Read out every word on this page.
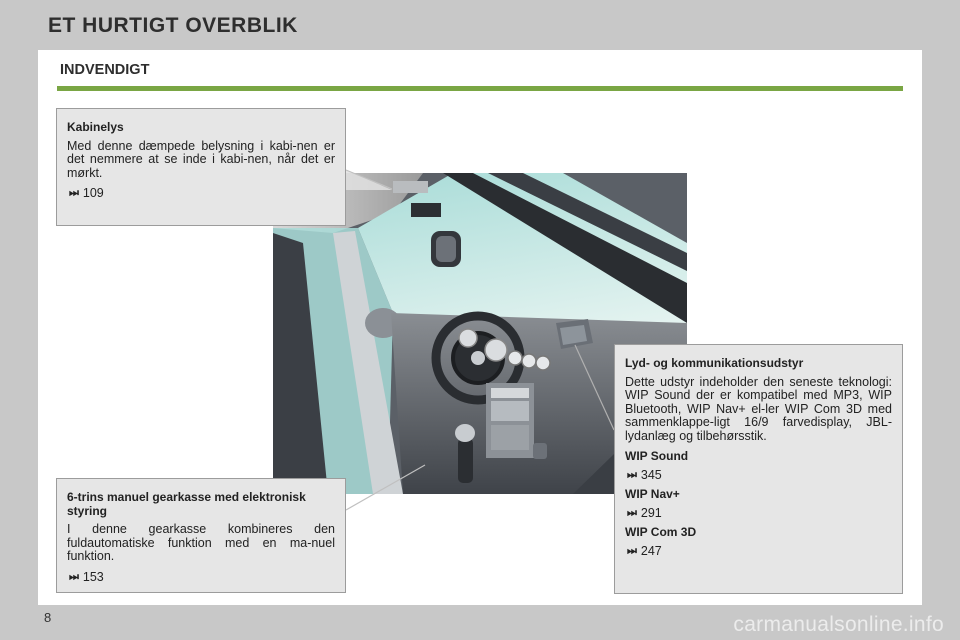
ET HURTIGT OVERBLIK
8	carmanualsonline.info
INDVENDIGT
Kabinelys

Med denne dæmpede belysning i kabi-nen er det nemmere at se inde i kabi-nen, når det er mørkt.

⏭ 109
6-trins manuel gearkasse med elektronisk styring

I denne gearkasse kombineres den fuldautomatiske funktion med en ma-nuel funktion.

⏭ 153
Lyd- og kommunikationsudstyr

Dette udstyr indeholder den seneste teknologi: WIP Sound der er kompatibel med MP3, WIP Bluetooth, WIP Nav+ el-ler WIP Com 3D med sammenklappe-ligt 16/9 farvedisplay, JBL-lydanlæg og tilbehørsstik.

WIP Sound
⏭ 345
WIP Nav+
⏭ 291
WIP Com 3D
⏭ 247
